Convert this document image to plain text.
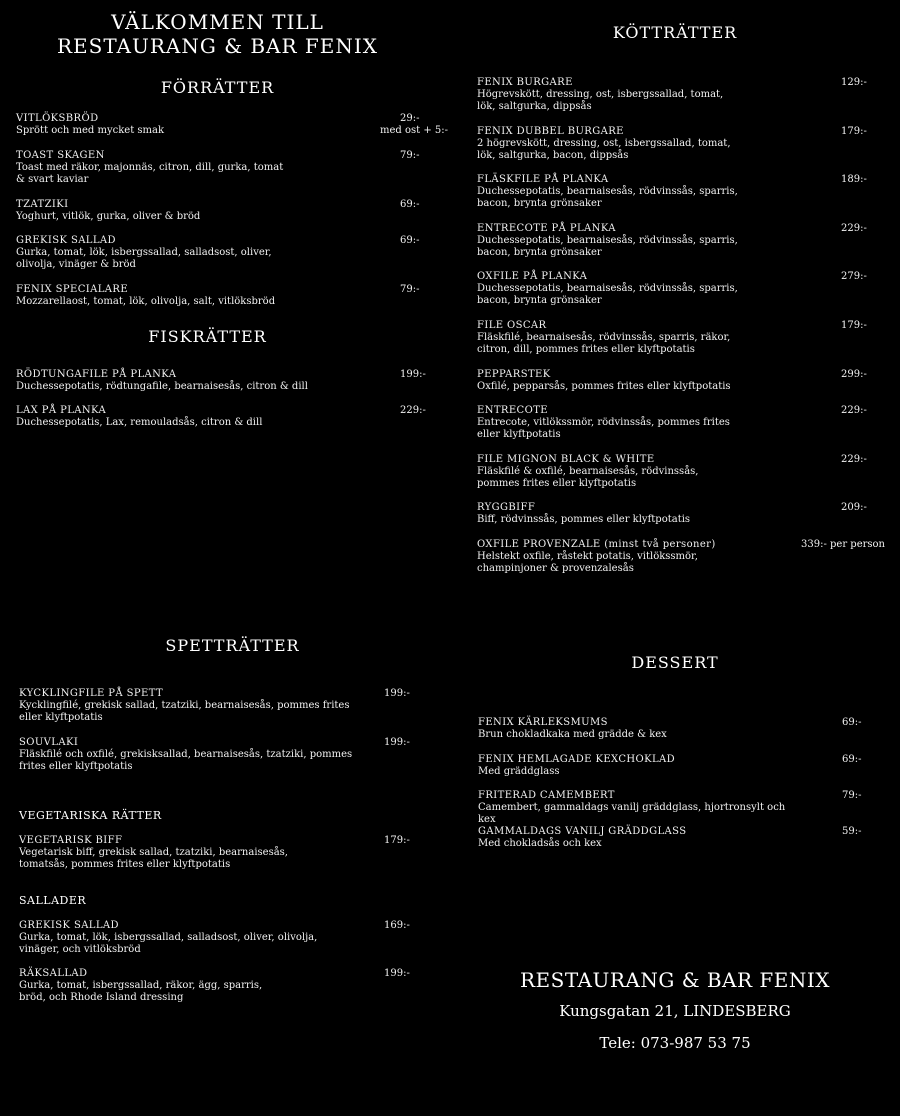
VÄLKOMMEN TILL
RESTAURANG & BAR FENIX
FÖRRÄTTER
VITLÖKSBRÖD
Sprött och med mycket smak
29:-
med ost + 5:-
TOAST SKAGEN
Toast med räkor, majonnäs, citron, dill, gurka, tomat & svart kaviar
79:-
TZATZIKI
Yoghurt, vitlök, gurka, oliver & bröd
69:-
GREKISK SALLAD
Gurka, tomat, lök, isbergssallad, salladsost, oliver, olivolja, vinäger & bröd
69:-
FENIX SPECIALARE
Mozzarellaost, tomat, lök, olivolja, salt, vitlöksbröd
79:-
FISKRÄTTER
RÖDTUNGAFILE PÅ PLANKA
Duchessepotatis, rödtungafile, bearnaisesås, citron & dill
199:-
LAX PÅ PLANKA
Duchessepotatis, Lax, remouladsås, citron & dill
229:-
KÖTTRÄTTER
FENIX BURGARE
Högrevskött, dressing, ost, isbergssallad, tomat, lök, saltgurka, dippsås
129:-
FENIX DUBBEL BURGARE
2 högrevskött, dressing, ost, isbergssallad, tomat, lök, saltgurka, bacon, dippsås
179:-
FLÄSKFILE PÅ PLANKA
Duchessepotatis, bearnaisesås, rödvinssås, sparris, bacon, brynta grönsaker
189:-
ENTRECOTE PÅ PLANKA
Duchessepotatis, bearnaisesås, rödvinssås, sparris, bacon, brynta grönsaker
229:-
OXFILE PÅ PLANKA
Duchessepotatis, bearnaisesås, rödvinssås, sparris, bacon, brynta grönsaker
279:-
FILE OSCAR
Fläskfilé, bearnaisesås, rödvinssås, sparris, räkor, citron, dill, pommes frites eller klyftpotatis
179:-
PEPPARSTEK
Oxfilé, pepparsås, pommes frites eller klyftpotatis
299:-
ENTRECOTE
Entrecote, vitlökssmör, rödvinssås, pommes frites eller klyftpotatis
229:-
FILE MIGNON BLACK & WHITE
Fläskfilé & oxfilé, bearnaisesås, rödvinssås, pommes frites eller klyftpotatis
229:-
RYGGBIFF
Biff, rödvinssås, pommes eller klyftpotatis
209:-
OXFILE PROVENZALE (minst två personer)
Helstekt oxfile, råstekt potatis, vitlökssmör, champinjoner & provenzalesås
339:- per person
SPETTRÄTTER
KYCKLINGFILE PÅ SPETT
Kycklingfilé, grekisk sallad, tzatziki, bearnaisesås, pommes frites eller klyftpotatis
199:-
SOUVLAKI
Fläskfilé och oxfilé, grekisksallad, bearnaisesås, tzatziki, pommes frites eller klyftpotatis
199:-
VEGETARISKA RÄTTER
VEGETARISK BIFF
Vegetarisk biff, grekisk sallad, tzatziki, bearnaisesås, tomatsås, pommes frites eller klyftpotatis
179:-
SALLADER
GREKISK SALLAD
Gurka, tomat, lök, isbergssallad, salladsost, oliver, olivolja, vinäger, och vitlöksbröd
169:-
RÄKSALLAD
Gurka, tomat, isbergssallad, räkor, ägg, sparris, bröd, och Rhode Island dressing
199:-
DESSERT
FENIX KÄRLEKSMUMS
Brun chokladkaka med grädde & kex
69:-
FENIX HEMLAGADE KEXCHOKLAD
Med gräddglass
69:-
FRITERAD CAMEMBERT
Camembert, gammaldags vanilj gräddglass, hjortronsylt och kex
79:-
GAMMALDAGS VANILJ GRÄDDGLASS
Med chokladsås och kex
59:-
RESTAURANG & BAR FENIX
Kungsgatan 21, LINDESBERG
Tele: 073-987 53 75
